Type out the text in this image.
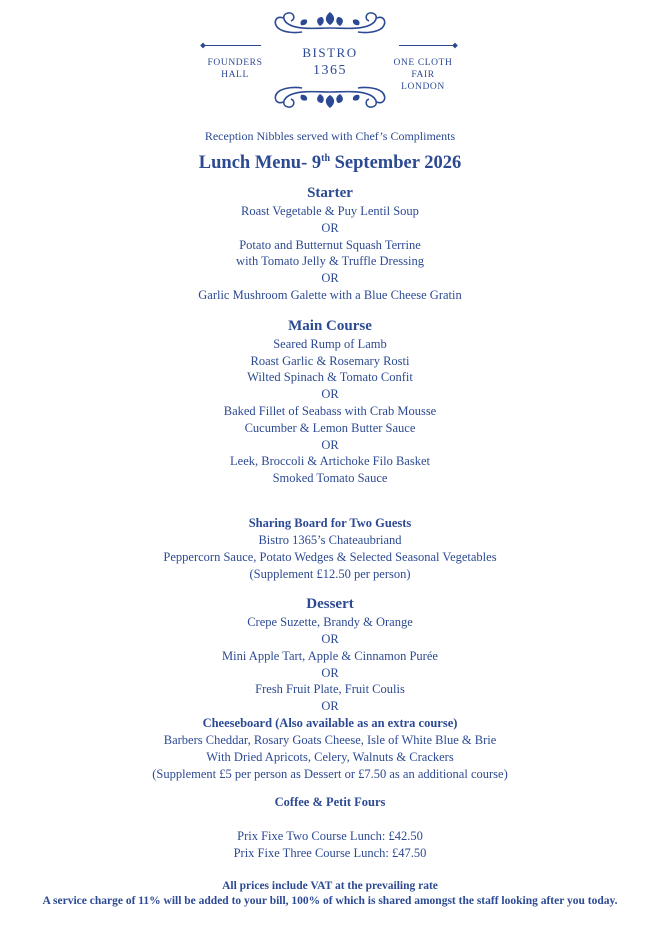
FOUNDERS
HALL
BISTRO
1365	ONE CLOTH FAIR
LONDON
Reception Nibbles served with Chef’s Compliments
Lunch Menu- 9th September 2026
Starter
Roast Vegetable & Puy Lentil Soup
OR
Potato and Butternut Squash Terrine
with Tomato Jelly & Truffle Dressing
OR
Garlic Mushroom Galette with a Blue Cheese Gratin
Main Course
Seared Rump of Lamb
Roast Garlic & Rosemary Rosti
Wilted Spinach & Tomato Confit
OR
Baked Fillet of Seabass with Crab Mousse
Cucumber & Lemon Butter Sauce
OR
Leek, Broccoli & Artichoke Filo Basket
Smoked Tomato Sauce
Sharing Board for Two Guests
Bistro 1365’s Chateaubriand
Peppercorn Sauce, Potato Wedges & Selected Seasonal Vegetables
(Supplement £12.50 per person)
Dessert
Crepe Suzette, Brandy & Orange
OR
Mini Apple Tart, Apple & Cinnamon Purée
OR
Fresh Fruit Plate, Fruit Coulis
OR
Cheeseboard (Also available as an extra course)
Barbers Cheddar, Rosary Goats Cheese, Isle of White Blue & Brie
With Dried Apricots, Celery, Walnuts & Crackers
(Supplement £5 per person as Dessert or £7.50 as an additional course)
Coffee & Petit Fours
Prix Fixe Two Course Lunch: £42.50
Prix Fixe Three Course Lunch: £47.50
All prices include VAT at the prevailing rate
A service charge of 11% will be added to your bill, 100% of which is shared amongst the staff looking after you today.
